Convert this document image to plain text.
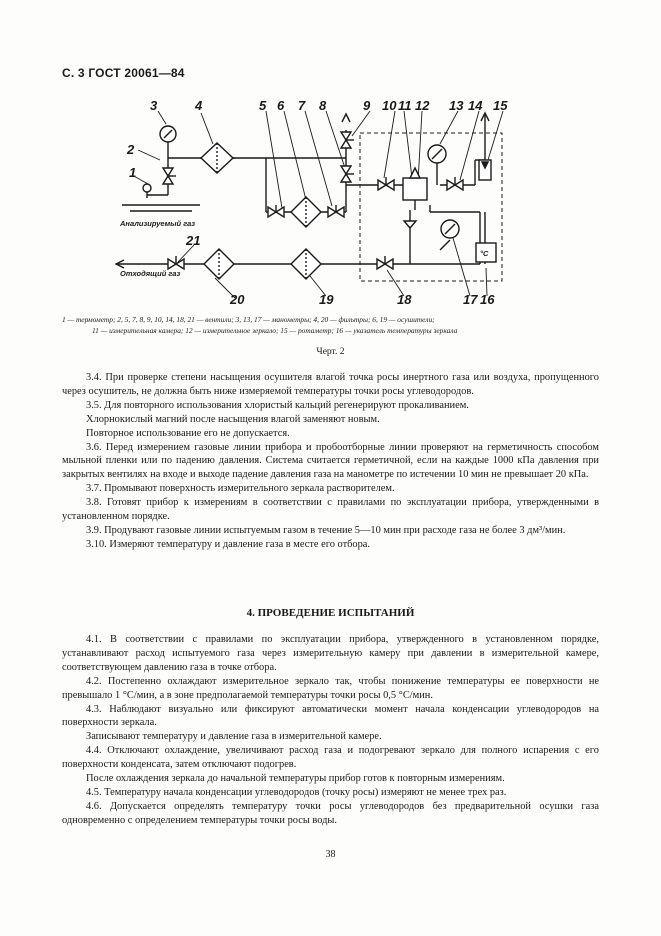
С. 3 ГОСТ 20061—84
1
2
3	4	5 6 7 8	9 10 11 12 13 14 15
16
17
18
19
20
21
Анализируемый газ
Отходящий газ
°C
1 — термометр; 2, 5, 7, 8, 9, 10, 14, 18, 21 — вентили; 3, 13, 17 — манометры; 4, 20 — фильтры; 6, 19 — осушители;
11 — измерительная камера; 12 — измерительное зеркало; 15 — ротаметр; 16 — указатель температуры зеркала
Черт. 2

3.4. При проверке степени насыщения осушителя влагой точка росы инертного газа или воздуха, пропущенного через осушитель, не должна быть ниже измеряемой температуры точки росы углеводородов.

3.5. Для повторного использования хлористый кальций регенерируют прокаливанием.

Хлорнокислый магний после насыщения влагой заменяют новым.

Повторное использование его не допускается.

3.6. Перед измерением газовые линии прибора и пробоотборные линии проверяют на герметичность способом мыльной пленки или по падению давления. Система считается герметичной, если на каждые 1000 кПа давления при закрытых вентилях на входе и выходе падение давления газа на манометре по истечении 10 мин не превышает 20 кПа.

3.7. Промывают поверхность измерительного зеркала растворителем.

3.8. Готовят прибор к измерениям в соответствии с правилами по эксплуатации прибора, утвержденными в установленном порядке.

3.9. Продувают газовые линии испытуемым газом в течение 5—10 мин при расходе газа не более 3 дм³/мин.

3.10. Измеряют температуру и давление газа в месте его отбора.

4. ПРОВЕДЕНИЕ ИСПЫТАНИЙ

4.1. В соответствии с правилами по эксплуатации прибора, утвержденного в установленном порядке, устанавливают расход испытуемого газа через измерительную камеру при давлении в измерительной камере, соответствующем давлению газа в точке отбора.

4.2. Постепенно охлаждают измерительное зеркало так, чтобы понижение температуры ее поверхности не превышало 1 °С/мин, а в зоне предполагаемой температуры точки росы 0,5 °С/мин.

4.3. Наблюдают визуально или фиксируют автоматически момент начала конденсации углеводородов на поверхности зеркала.

Записывают температуру и давление газа в измерительной камере.

4.4. Отключают охлаждение, увеличивают расход газа и подогревают зеркало для полного испарения с его поверхности конденсата, затем отключают подогрев.

После охлаждения зеркала до начальной температуры прибор готов к повторным измерениям.

4.5. Температуру начала конденсации углеводородов (точку росы) измеряют не менее трех раз.

4.6. Допускается определять температуру точки росы углеводородов без предварительной осушки газа одновременно с определением температуры точки росы воды.

38
